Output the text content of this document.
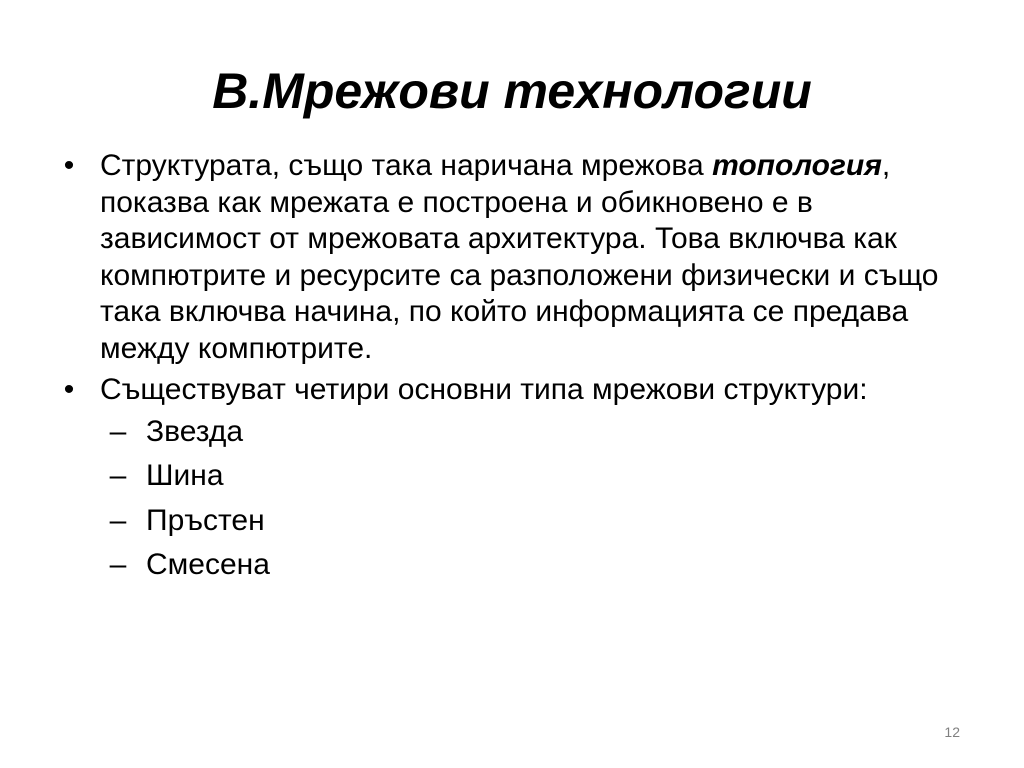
В.Мрежови технологии
• Структурата, също така наричана мрежова топология, показва как мрежата е построена и обикновено е в зависимост от мрежовата архитектура. Това включва как компютрите и ресурсите са разположени физически и също така включва начина, по който информацията се предава между компютрите.
• Съществуват четири основни типа мрежови структури:
– Звезда
– Шина
– Пръстен
– Смесена
12
